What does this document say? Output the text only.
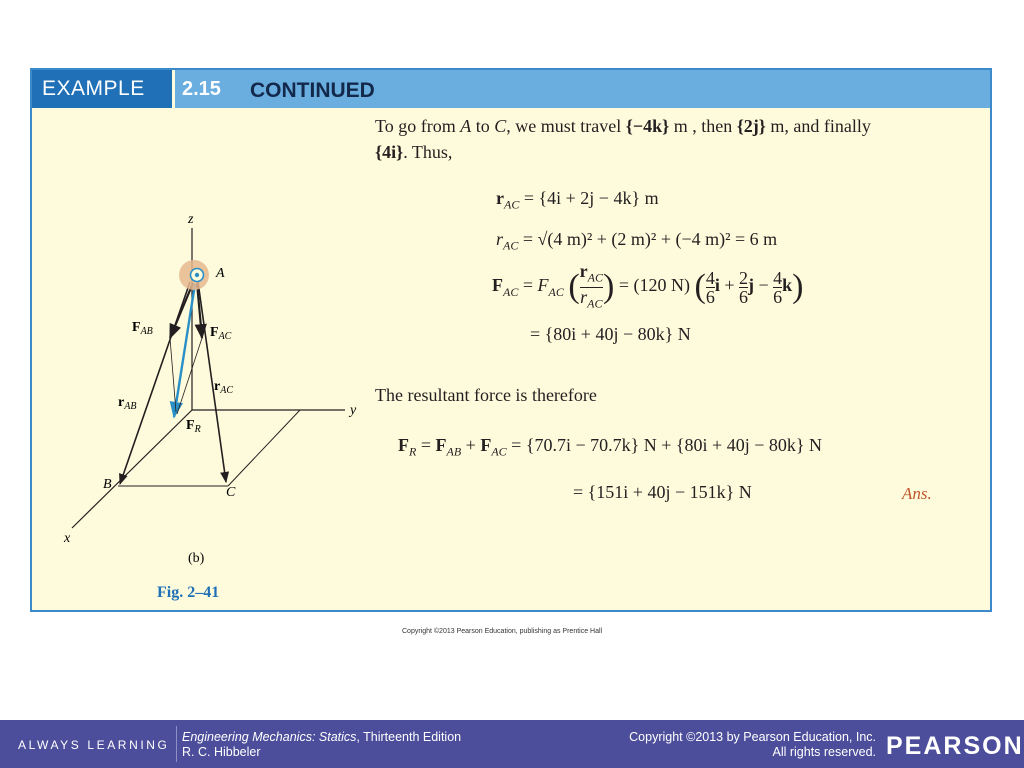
EXAMPLE	2.15 CONTINUED
To go from A to C, we must travel {−4k} m , then {2j} m, and finally
{4i}. Thus,
$r_{AC} = \{4i + 2j - 4k\}$ m
$r_{AC} = √(4$ m)² + (2 m)² + (−4 m)² = 6 m
$F_{AC} = F_{AC}$ ( $\frac{r_{AC}}{r_{AC}}$ ) = (120 N) ( $\frac{4}{6}$ $i + \frac{2}{6}$ $j - \frac{4}{6} k$)
= {80i + 40j − 80k} N
The resultant force is therefore
$F_R = F_{AB} + F_{AC} = \{70.7i - 70.7k\} N + \{80i + 40j - 80k\}$ N
= {151i + 40j − 151k} N	Ans.
z
y
x
A
B
C
$F_{AB}$	$F_{AC}$
$r_{AC}$
$r_{AB}$
$F_R$
(b)
Fig. 2–41
Copyright ©2013 Pearson Education, publishing as Prentice Hall
ALWAYS LEARNING
Engineering Mechanics: Statics, Thirteenth Edition
R. C. Hibbeler
Copyright ©2013 by Pearson Education, Inc.
All rights reserved. PEARSON
